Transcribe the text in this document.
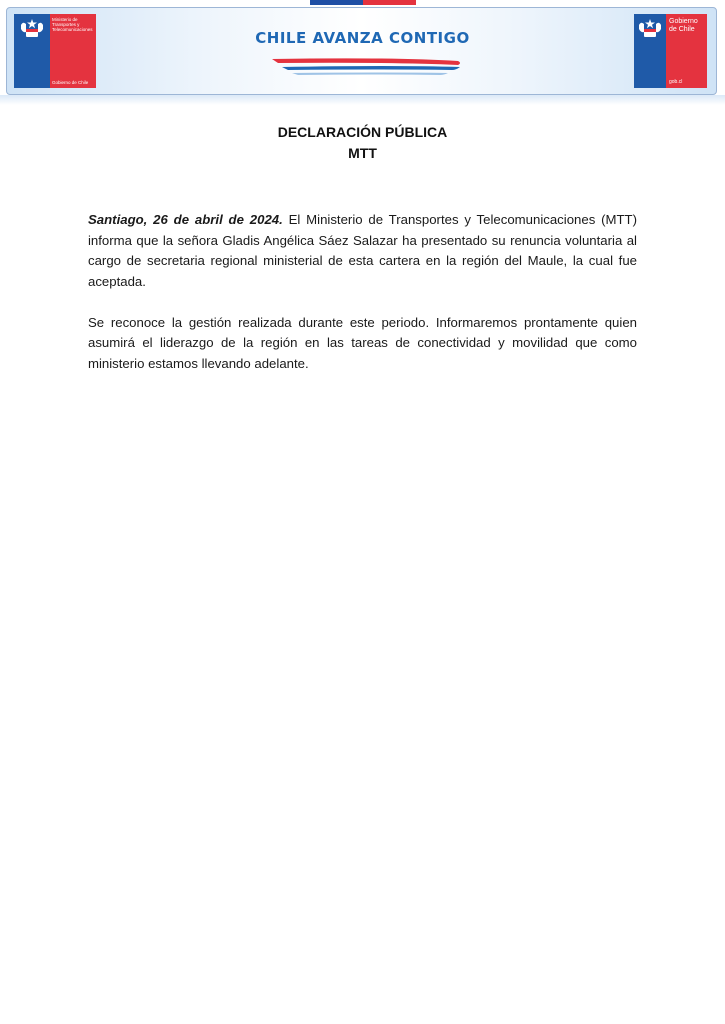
Ministerio de
Transportes y
Telecomunicaciones
Gobierno de Chile
CHILE AVANZA CONTIGO
Gobierno de Chile
gob.cl
DECLARACIÓN PÚBLICA
MTT

Santiago, 26 de abril de 2024. El Ministerio de Transportes y Telecomunicaciones (MTT) informa que la señora Gladis Angélica Sáez Salazar ha presentado su renuncia voluntaria al cargo de secretaria regional ministerial de esta cartera en la región del Maule, la cual fue aceptada.

Se reconoce la gestión realizada durante este periodo. Informaremos prontamente quien asumirá el liderazgo de la región en las tareas de conectividad y movilidad que como ministerio estamos llevando adelante.
